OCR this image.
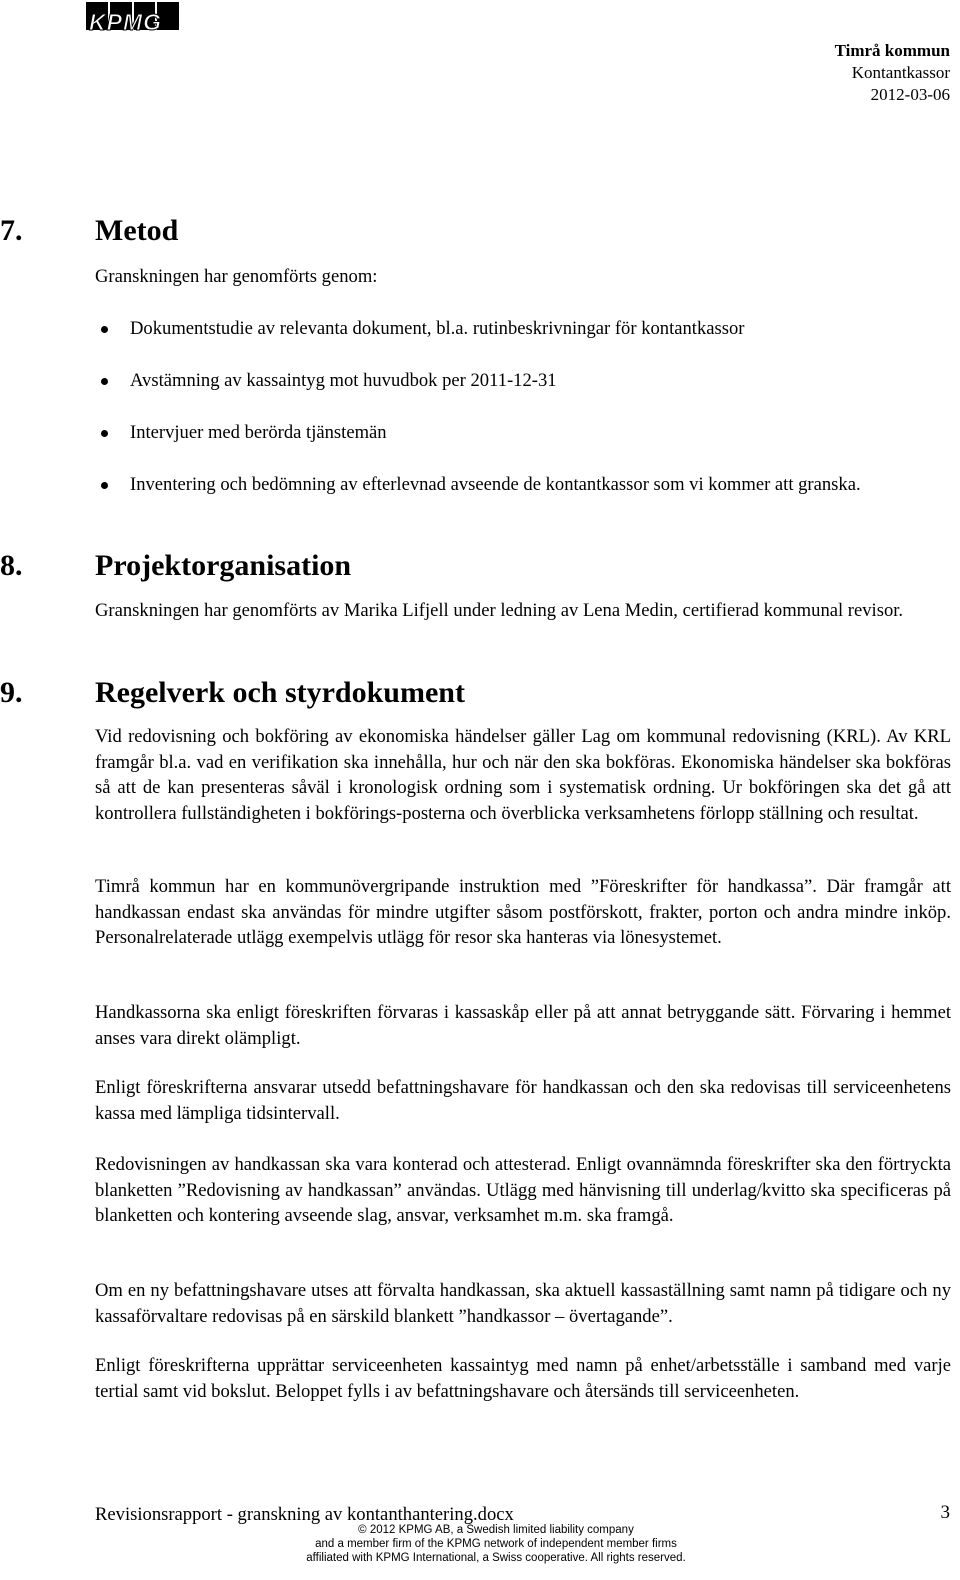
KPMG
Timrå kommun
Kontantkassor
2012-03-06
7. Metod
Granskningen har genomförts genom:
Dokumentstudie av relevanta dokument, bl.a. rutinbeskrivningar för kontantkassor
Avstämning av kassaintyg mot huvudbok per 2011-12-31
Intervjuer med berörda tjänstemän
Inventering och bedömning av efterlevnad avseende de kontantkassor som vi kommer att granska.
8. Projektorganisation
Granskningen har genomförts av Marika Lifjell under ledning av Lena Medin, certifierad kommunal revisor.
9. Regelverk och styrdokument
Vid redovisning och bokföring av ekonomiska händelser gäller Lag om kommunal redovisning (KRL). Av KRL framgår bl.a. vad en verifikation ska innehålla, hur och när den ska bokföras. Ekonomiska händelser ska bokföras så att de kan presenteras såväl i kronologisk ordning som i systematisk ordning. Ur bokföringen ska det gå att kontrollera fullständigheten i bokförings-posterna och överblicka verksamhetens förlopp ställning och resultat.
Timrå kommun har en kommunövergripande instruktion med ”Föreskrifter för handkassa”. Där framgår att handkassan endast ska användas för mindre utgifter såsom postförskott, frakter, porton och andra mindre inköp. Personalrelaterade utlägg exempelvis utlägg för resor ska hanteras via lönesystemet.
Handkassorna ska enligt föreskriften förvaras i kassaskåp eller på att annat betryggande sätt. Förvaring i hemmet anses vara direkt olämpligt.
Enligt föreskrifterna ansvarar utsedd befattningshavare för handkassan och den ska redovisas till serviceenhetens kassa med lämpliga tidsintervall.
Redovisningen av handkassan ska vara konterad och attesterad. Enligt ovannämnda föreskrifter ska den förtryckta blanketten ”Redovisning av handkassan” användas. Utlägg med hänvisning till underlag/kvitto ska specificeras på blanketten och kontering avseende slag, ansvar, verksamhet m.m. ska framgå.
Om en ny befattningshavare utses att förvalta handkassan, ska aktuell kassaställning samt namn på tidigare och ny kassaförvaltare redovisas på en särskild blankett ”handkassor – övertagande”.
Enligt föreskrifterna upprättar serviceenheten kassaintyg med namn på enhet/arbetsställe i samband med varje tertial samt vid bokslut. Beloppet fylls i av befattningshavare och återsänds till serviceenheten.
Revisionsrapport - granskning av kontanthantering.docx	3
© 2012 KPMG AB, a Swedish limited liability company
and a member firm of the KPMG network of independent member firms
affiliated with KPMG International, a Swiss cooperative. All rights reserved.
